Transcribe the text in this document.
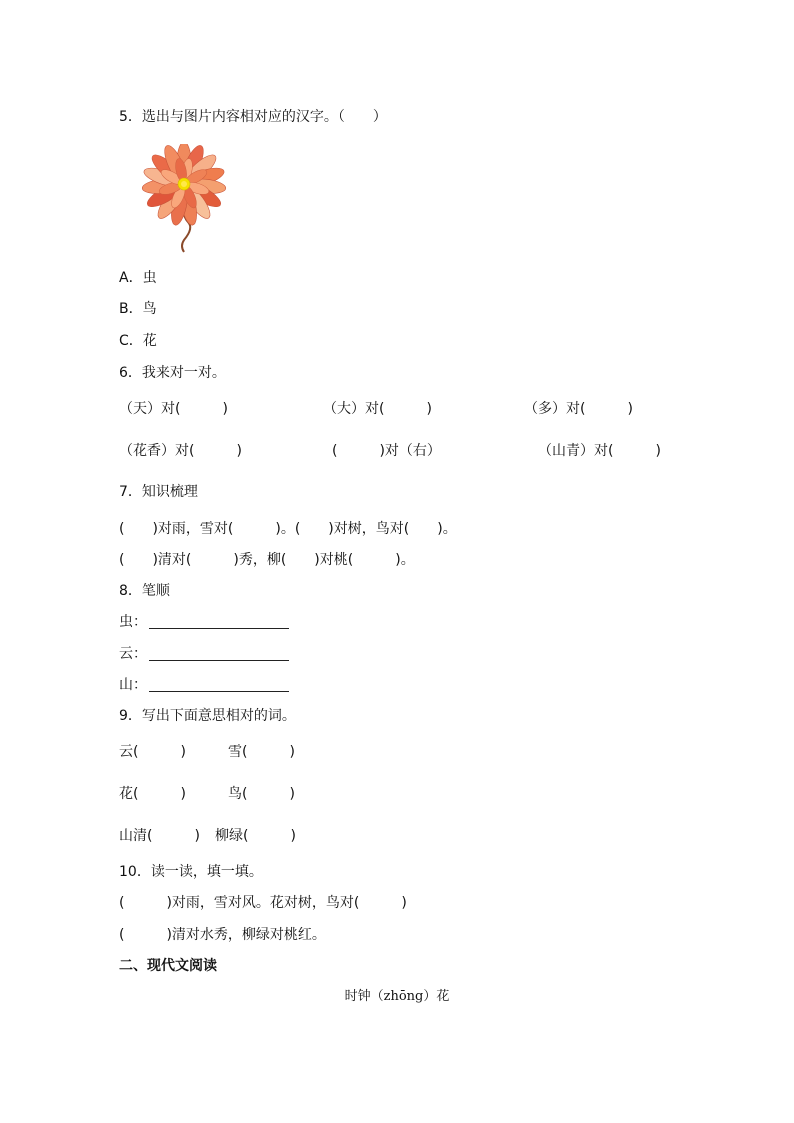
5．选出与图片内容相对应的汉字。（　　）
A．虫
B．鸟
C．花
6．我来对一对。
（天）对(　　　)	（大）对(　　　)	（多）对(　　　)
（花香）对(　　　)	(　　　)对（右）	（山青）对(　　　)
7．知识梳理
(　　)对雨，雪对(　　　)。(　　)对树，鸟对(　　)。
(　　)清对(　　　)秀，柳(　　)对桃(　　　)。
8．笔顺
虫：
云：
山：
9．写出下面意思相对的词。
云(　　　)	雪(　　　)
花(　　　)	鸟(　　　)
山清(　　　) 柳绿(　　　)
10．读一读，填一填。
(　　　)对雨，雪对风。花对树，鸟对(　　　)
(　　　)清对水秀，柳绿对桃红。
二、现代文阅读
时钟（zhōng）花
